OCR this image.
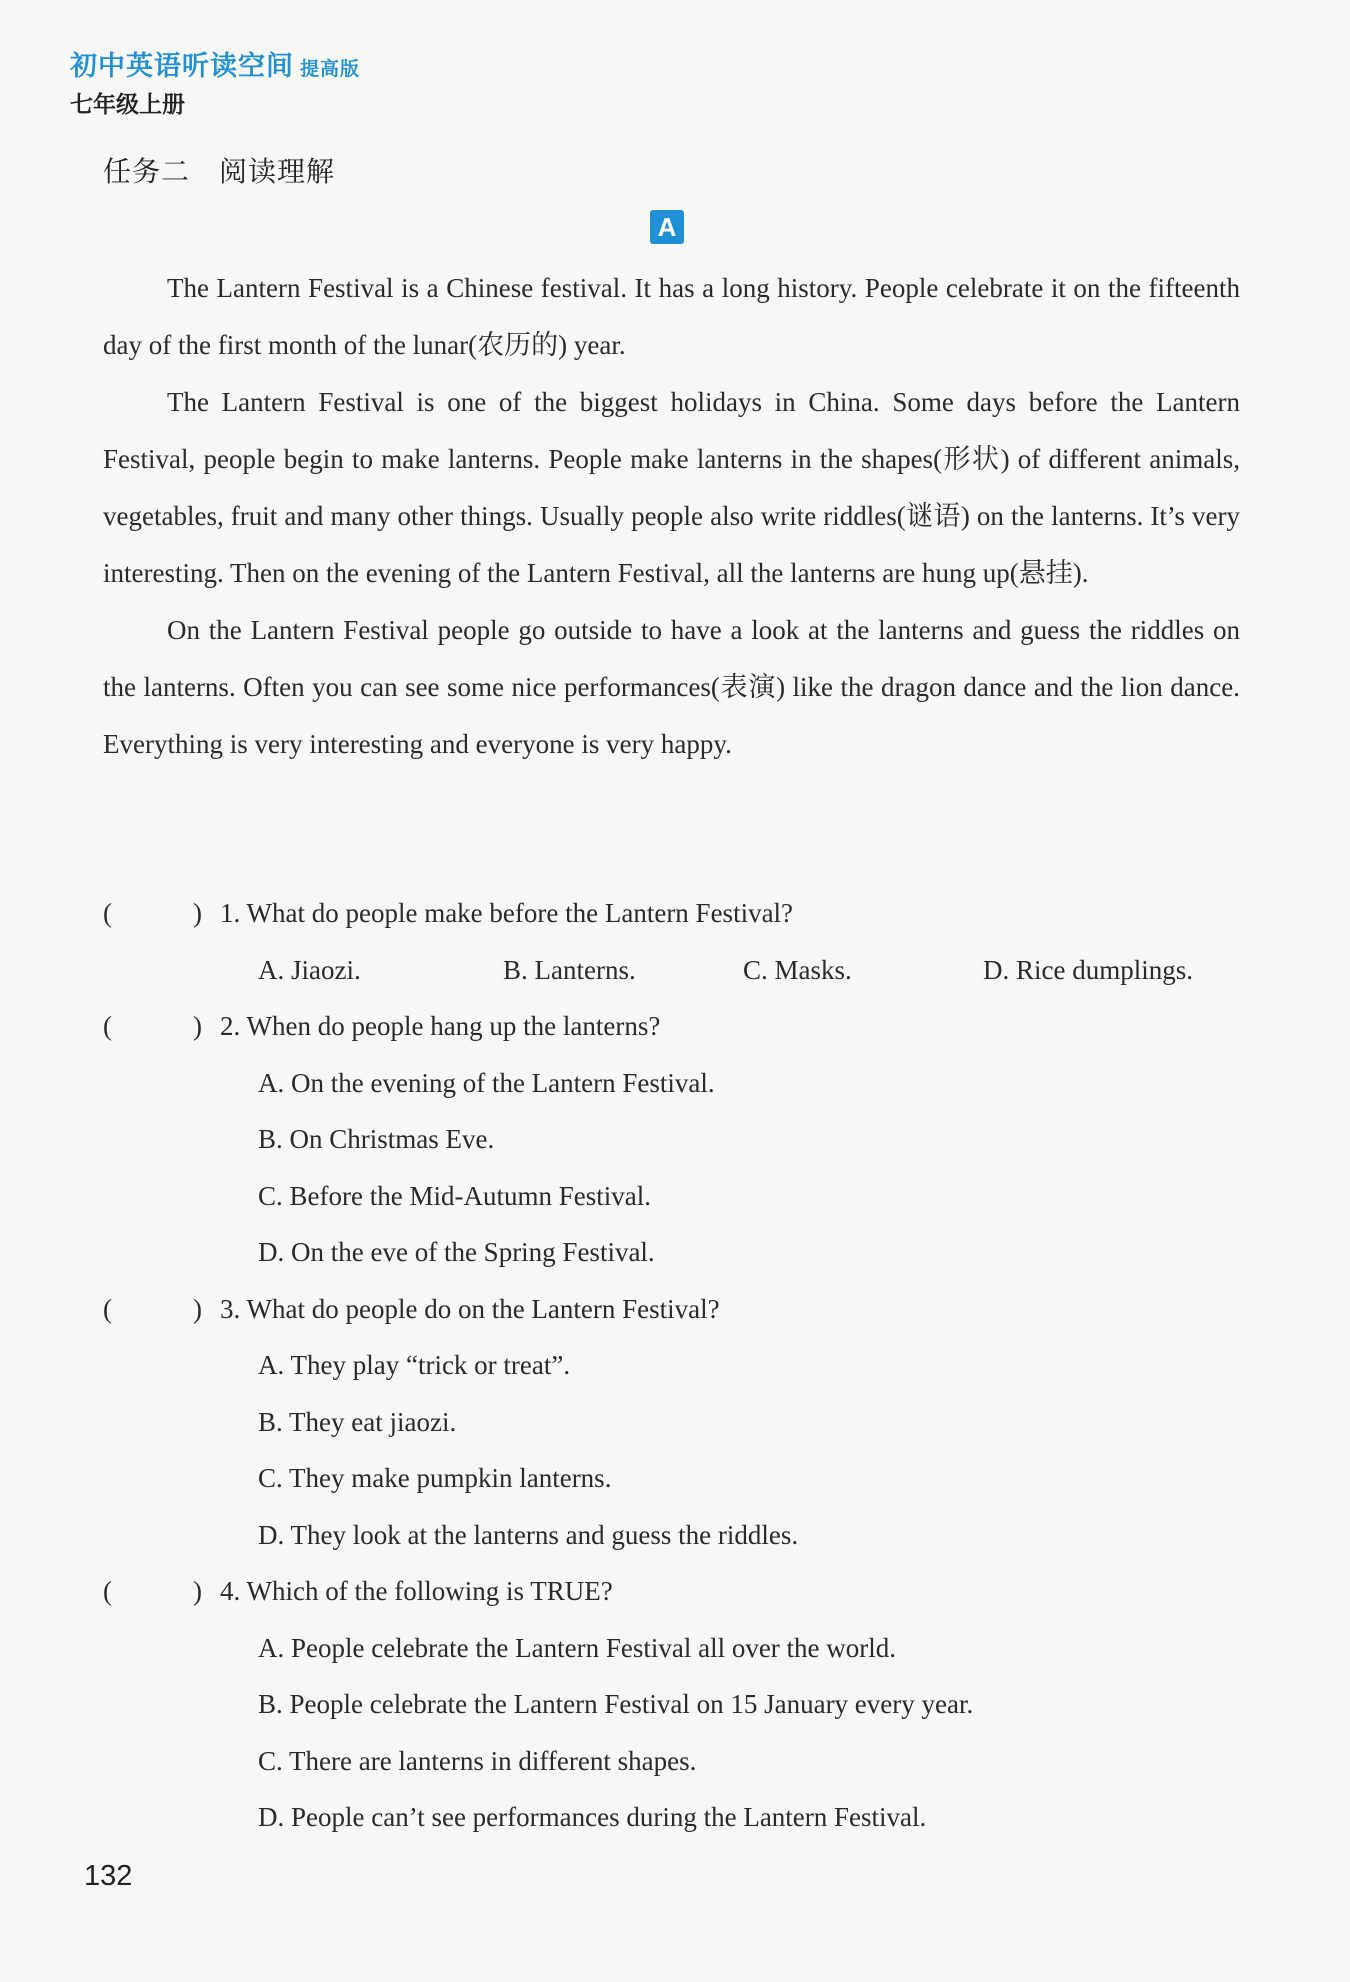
初中英语听读空间 提高版
七年级上册
任务二　阅读理解
A

The Lantern Festival is a Chinese festival. It has a long history. People celebrate it on the fifteenth day of the first month of the lunar(农历的) year.

The Lantern Festival is one of the biggest holidays in China. Some days before the Lantern Festival, people begin to make lanterns. People make lanterns in the shapes(形状) of different animals, vegetables, fruit and many other things. Usually people also write riddles(谜语) on the lanterns. It’s very interesting. Then on the evening of the Lantern Festival, all the lanterns are hung up(悬挂).

On the Lantern Festival people go outside to have a look at the lanterns and guess the riddles on the lanterns. Often you can see some nice performances(表演) like the dragon dance and the lion dance. Everything is very interesting and everyone is very happy.

(　　　) 1. What do people make before the Lantern Festival?
A. Jiaozi.	B. Lanterns.	C. Masks.	D. Rice dumplings.
(　　　) 2. When do people hang up the lanterns?
A. On the evening of the Lantern Festival.
B. On Christmas Eve.
C. Before the Mid-Autumn Festival.
D. On the eve of the Spring Festival.
(　　　) 3. What do people do on the Lantern Festival?
A. They play “trick or treat”.
B. They eat jiaozi.
C. They make pumpkin lanterns.
D. They look at the lanterns and guess the riddles.
(　　　) 4. Which of the following is TRUE?
A. People celebrate the Lantern Festival all over the world.
B. People celebrate the Lantern Festival on 15 January every year.
C. There are lanterns in different shapes.
D. People can’t see performances during the Lantern Festival.
132
